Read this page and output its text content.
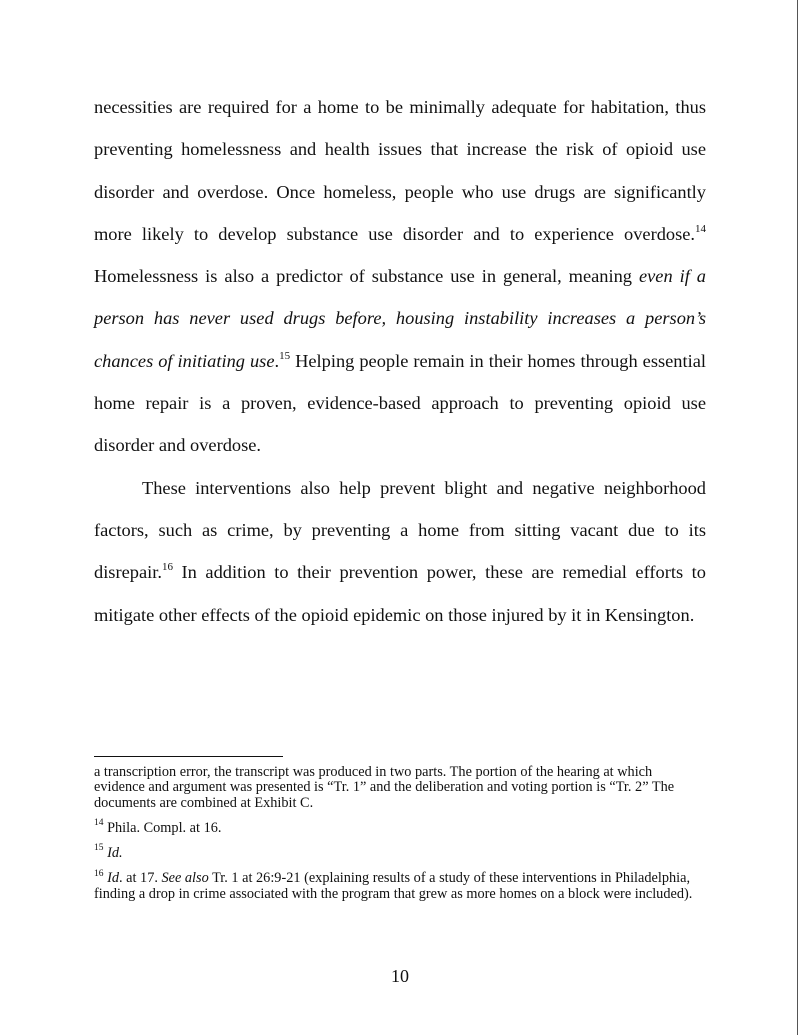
necessities are required for a home to be minimally adequate for habitation, thus preventing homelessness and health issues that increase the risk of opioid use disorder and overdose. Once homeless, people who use drugs are significantly more likely to develop substance use disorder and to experience overdose.$^{14}$ Homelessness is also a predictor of substance use in general, meaning even if a person has never used drugs before, housing instability increases a person’s chances of initiating use.$^{15}$ Helping people remain in their homes through essential home repair is a proven, evidence-based approach to preventing opioid use disorder and overdose.

These interventions also help prevent blight and negative neighborhood factors, such as crime, by preventing a home from sitting vacant due to its disrepair.$^{16}$ In addition to their prevention power, these are remedial efforts to mitigate other effects of the opioid epidemic on those injured by it in Kensington.

a transcription error, the transcript was produced in two parts. The portion of the hearing at which evidence and argument was presented is “Tr. 1” and the deliberation and voting portion is “Tr. 2” The documents are combined at Exhibit C.

$^{14}$ Phila. Compl. at 16.

$^{15}$ Id.

$^{16}$ Id. at 17. See also Tr. 1 at 26:9-21 (explaining results of a study of these interventions in Philadelphia, finding a drop in crime associated with the program that grew as more homes on a block were included).

10
